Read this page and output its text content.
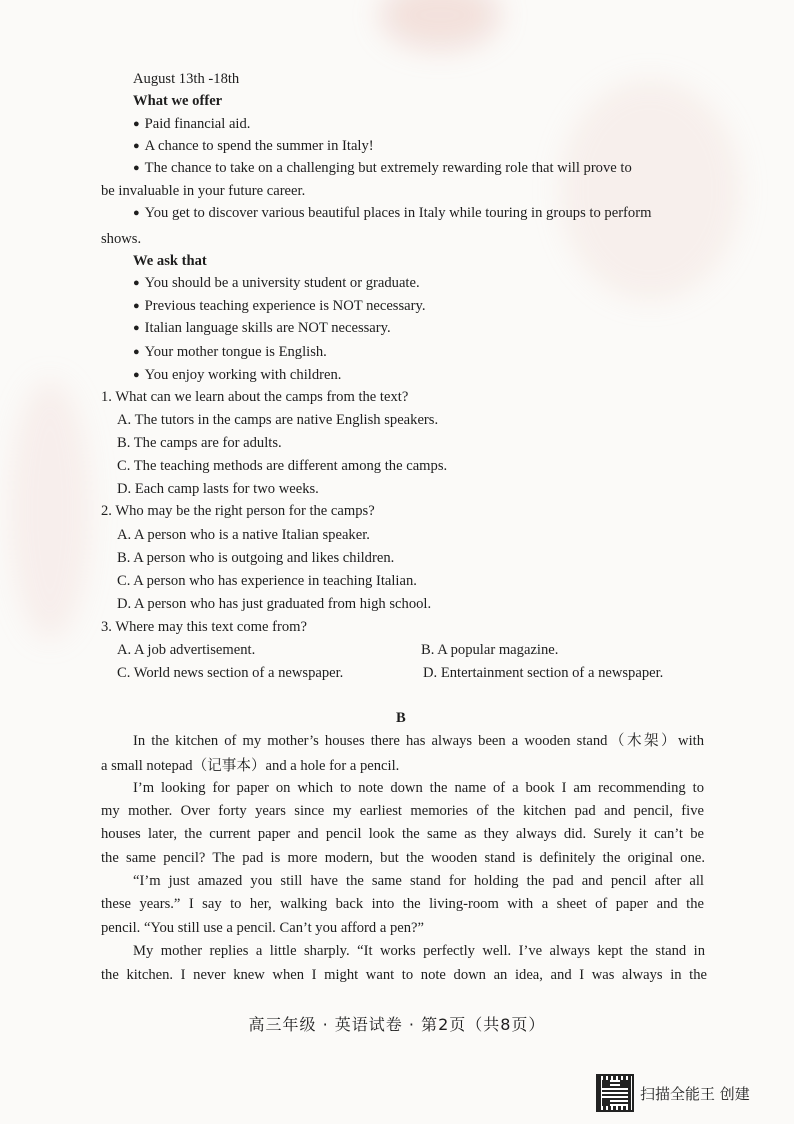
August 13th -18th
What we offer
● Paid financial aid.
● A chance to spend the summer in Italy!
● The chance to take on a challenging but extremely rewarding role that will prove to
be invaluable in your future career.
● You get to discover various beautiful places in Italy while touring in groups to perform
shows.
We ask that
● You should be a university student or graduate.
● Previous teaching experience is NOT necessary.
● Italian language skills are NOT necessary.
● Your mother tongue is English.
● You enjoy working with children.
1. What can we learn about the camps from the text?
A. The tutors in the camps are native English speakers.
B. The camps are for adults.
C. The teaching methods are different among the camps.
D. Each camp lasts for two weeks.
2. Who may be the right person for the camps?
A. A person who is a native Italian speaker.
B. A person who is outgoing and likes children.
C. A person who has experience in teaching Italian.
D. A person who has just graduated from high school.
3. Where may this text come from?
A. A job advertisement.	B. A popular magazine.
C. World news section of a newspaper.	D. Entertainment section of a newspaper.
B
In the kitchen of my mother’s houses there has always been a wooden stand（木架）with
a small notepad（记事本）and a hole for a pencil.
I’m looking for paper on which to note down the name of a book I am recommending to
my mother. Over forty years since my earliest memories of the kitchen pad and pencil, five
houses later, the current paper and pencil look the same as they always did. Surely it can’t be
the same pencil? The pad is more modern, but the wooden stand is definitely the original one.
“I’m just amazed you still have the same stand for holding the pad and pencil after all
these years.” I say to her, walking back into the living-room with a sheet of paper and the
pencil. “You still use a pencil. Can’t you afford a pen?”
My mother replies a little sharply. “It works perfectly well. I’ve always kept the stand in
the kitchen. I never knew when I might want to note down an idea, and I was always in the
高三年级 · 英语试卷 · 第2页（共8页）
扫描全能王 创建
